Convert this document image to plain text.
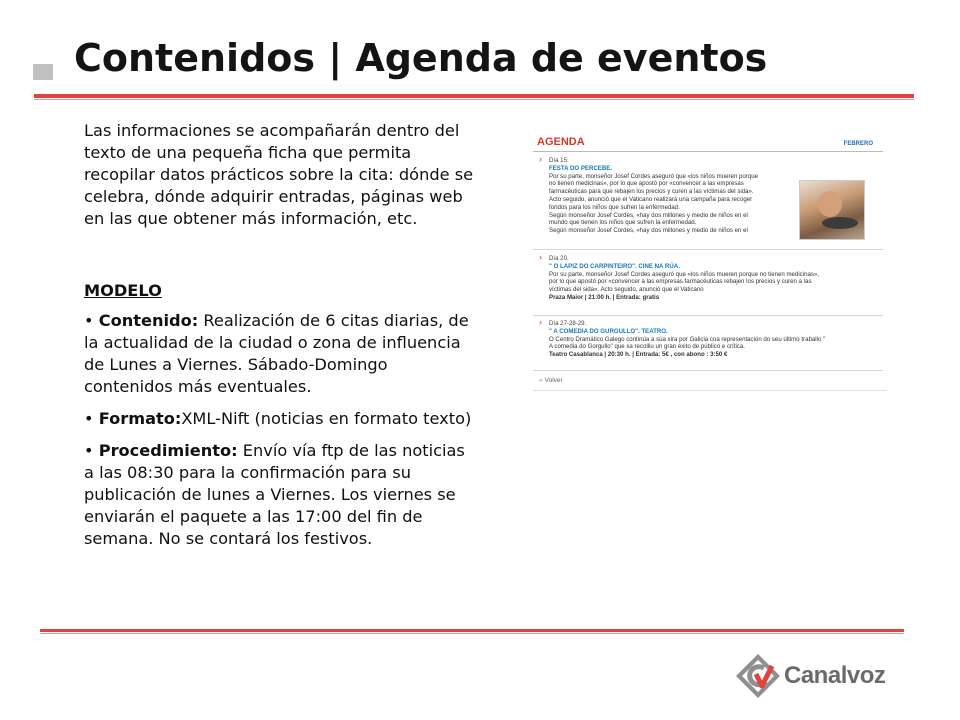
Contenidos | Agenda de eventos

Las informaciones se acompañarán dentro del texto de una pequeña ficha que permita recopilar datos prácticos sobre la cita: dónde se celebra, dónde adquirir entradas, páginas web en las que obtener más información, etc.

MODELO

• Contenido: Realización de 6 citas diarias, de la actualidad de la ciudad o zona de influencia de Lunes a Viernes. Sábado-Domingo contenidos más eventuales.

• Formato:XML-Nift (noticias en formato texto)

• Procedimiento: Envío vía ftp de las noticias a las 08:30 para la confirmación para su publicación de lunes a Viernes. Los viernes se enviarán el paquete a las 17:00 del fin de semana. No se contará los festivos.

AGENDA	FEBRERO
› Día 15:
FESTA DO PERCEBE.
Por su parte, monseñor Josef Cordes aseguró que «los niños mueren porque
no tienen medicinas», por lo que apostó por «convencer a las empresas
farmacéuticas para que rebajen los precios y curen a las víctimas del sida».
Acto seguido, anunció que el Vaticano realizará una campaña para recoger
fondos para los niños que sufren la enfermedad.
Según monseñor Josef Cordes, «hay dos millones y medio de niños en el
mundo que tienen los niños que sufren la enfermedad.
Según monseñor Josef Cordes, «hay dos millones y medio de niños en el
› Día 20.
" O LAPIZ DO CARPINTEIRO". CINE NA RÚA.
Por su parte, monseñor Josef Cordes aseguró que «los niños mueren porque no tienen medicinas»,
por lo que apostó por «convencer a las empresas farmacéuticas rebajen los precios y curen a las
víctimas del sida». Acto seguido, anunció que el Vaticano
Praza Maior | 21:00 h. | Entrada: gratis
› Día 27-28-29.
" A COMEDIA DO GURGULLO". TEATRO.
O Centro Dramático Galego continúa a súa xira por Galicia coa representación do seu último traballo "
A comedia do Gorgullo" que xa recolliu un gran éxito de público e crítica.
Teatro Casablanca | 20:30 h. | Entrada: 5€ , con abono : 3:50 €
« Volver
Canalvoz
